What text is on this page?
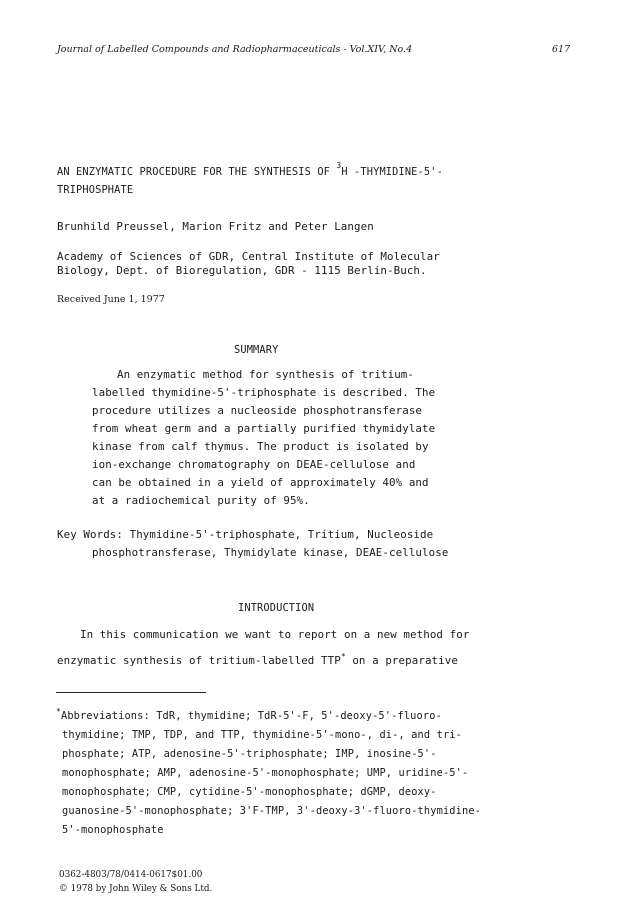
Journal of Labelled Compounds and Radiopharmaceuticals - Vol.XIV, No.4	617
AN ENZYMATIC PROCEDURE FOR THE SYNTHESIS OF $^3$H -THYMIDINE-5'-
TRIPHOSPHATE
Brunhild Preussel, Marion Fritz and Peter Langen
Academy of Sciences of GDR, Central Institute of Molecular
Biology, Dept. of Bioregulation, GDR - 1115 Berlin-Buch.
Received June 1, 1977
SUMMARY
An enzymatic method for synthesis of tritium-
labelled thymidine-5'-triphosphate is described. The
procedure utilizes a nucleoside phosphotransferase
from wheat germ and a partially purified thymidylate
kinase from calf thymus. The product is isolated by
ion-exchange chromatography on DEAE-cellulose and
can be obtained in a yield of approximately 40% and
at a radiochemical purity of 95%.
Key Words: Thymidine-5'-triphosphate, Tritium, Nucleoside
phosphotransferase, Thymidylate kinase, DEAE-cellulose
INTRODUCTION
In this communication we want to report on a new method for
enzymatic synthesis of tritium-labelled TTP* on a preparative
*Abbreviations: TdR, thymidine; TdR-5'-F, 5'-deoxy-5'-fluoro-
thymidine; TMP, TDP, and TTP, thymidine-5'-mono-, di-, and tri-
phosphate; ATP, adenosine-5'-triphosphate; IMP, inosine-5'-
monophosphate; AMP, adenosine-5'-monophosphate; UMP, uridine-5'-
monophosphate; CMP, cytidine-5'-monophosphate; dGMP, deoxy-
guanosine-5'-monophosphate; 3'F-TMP, 3'-deoxy-3'-fluoro-thymidine-
5'-monophosphate
0362-4803/78/0414-0617$01.00
© 1978 by John Wiley & Sons Ltd.
